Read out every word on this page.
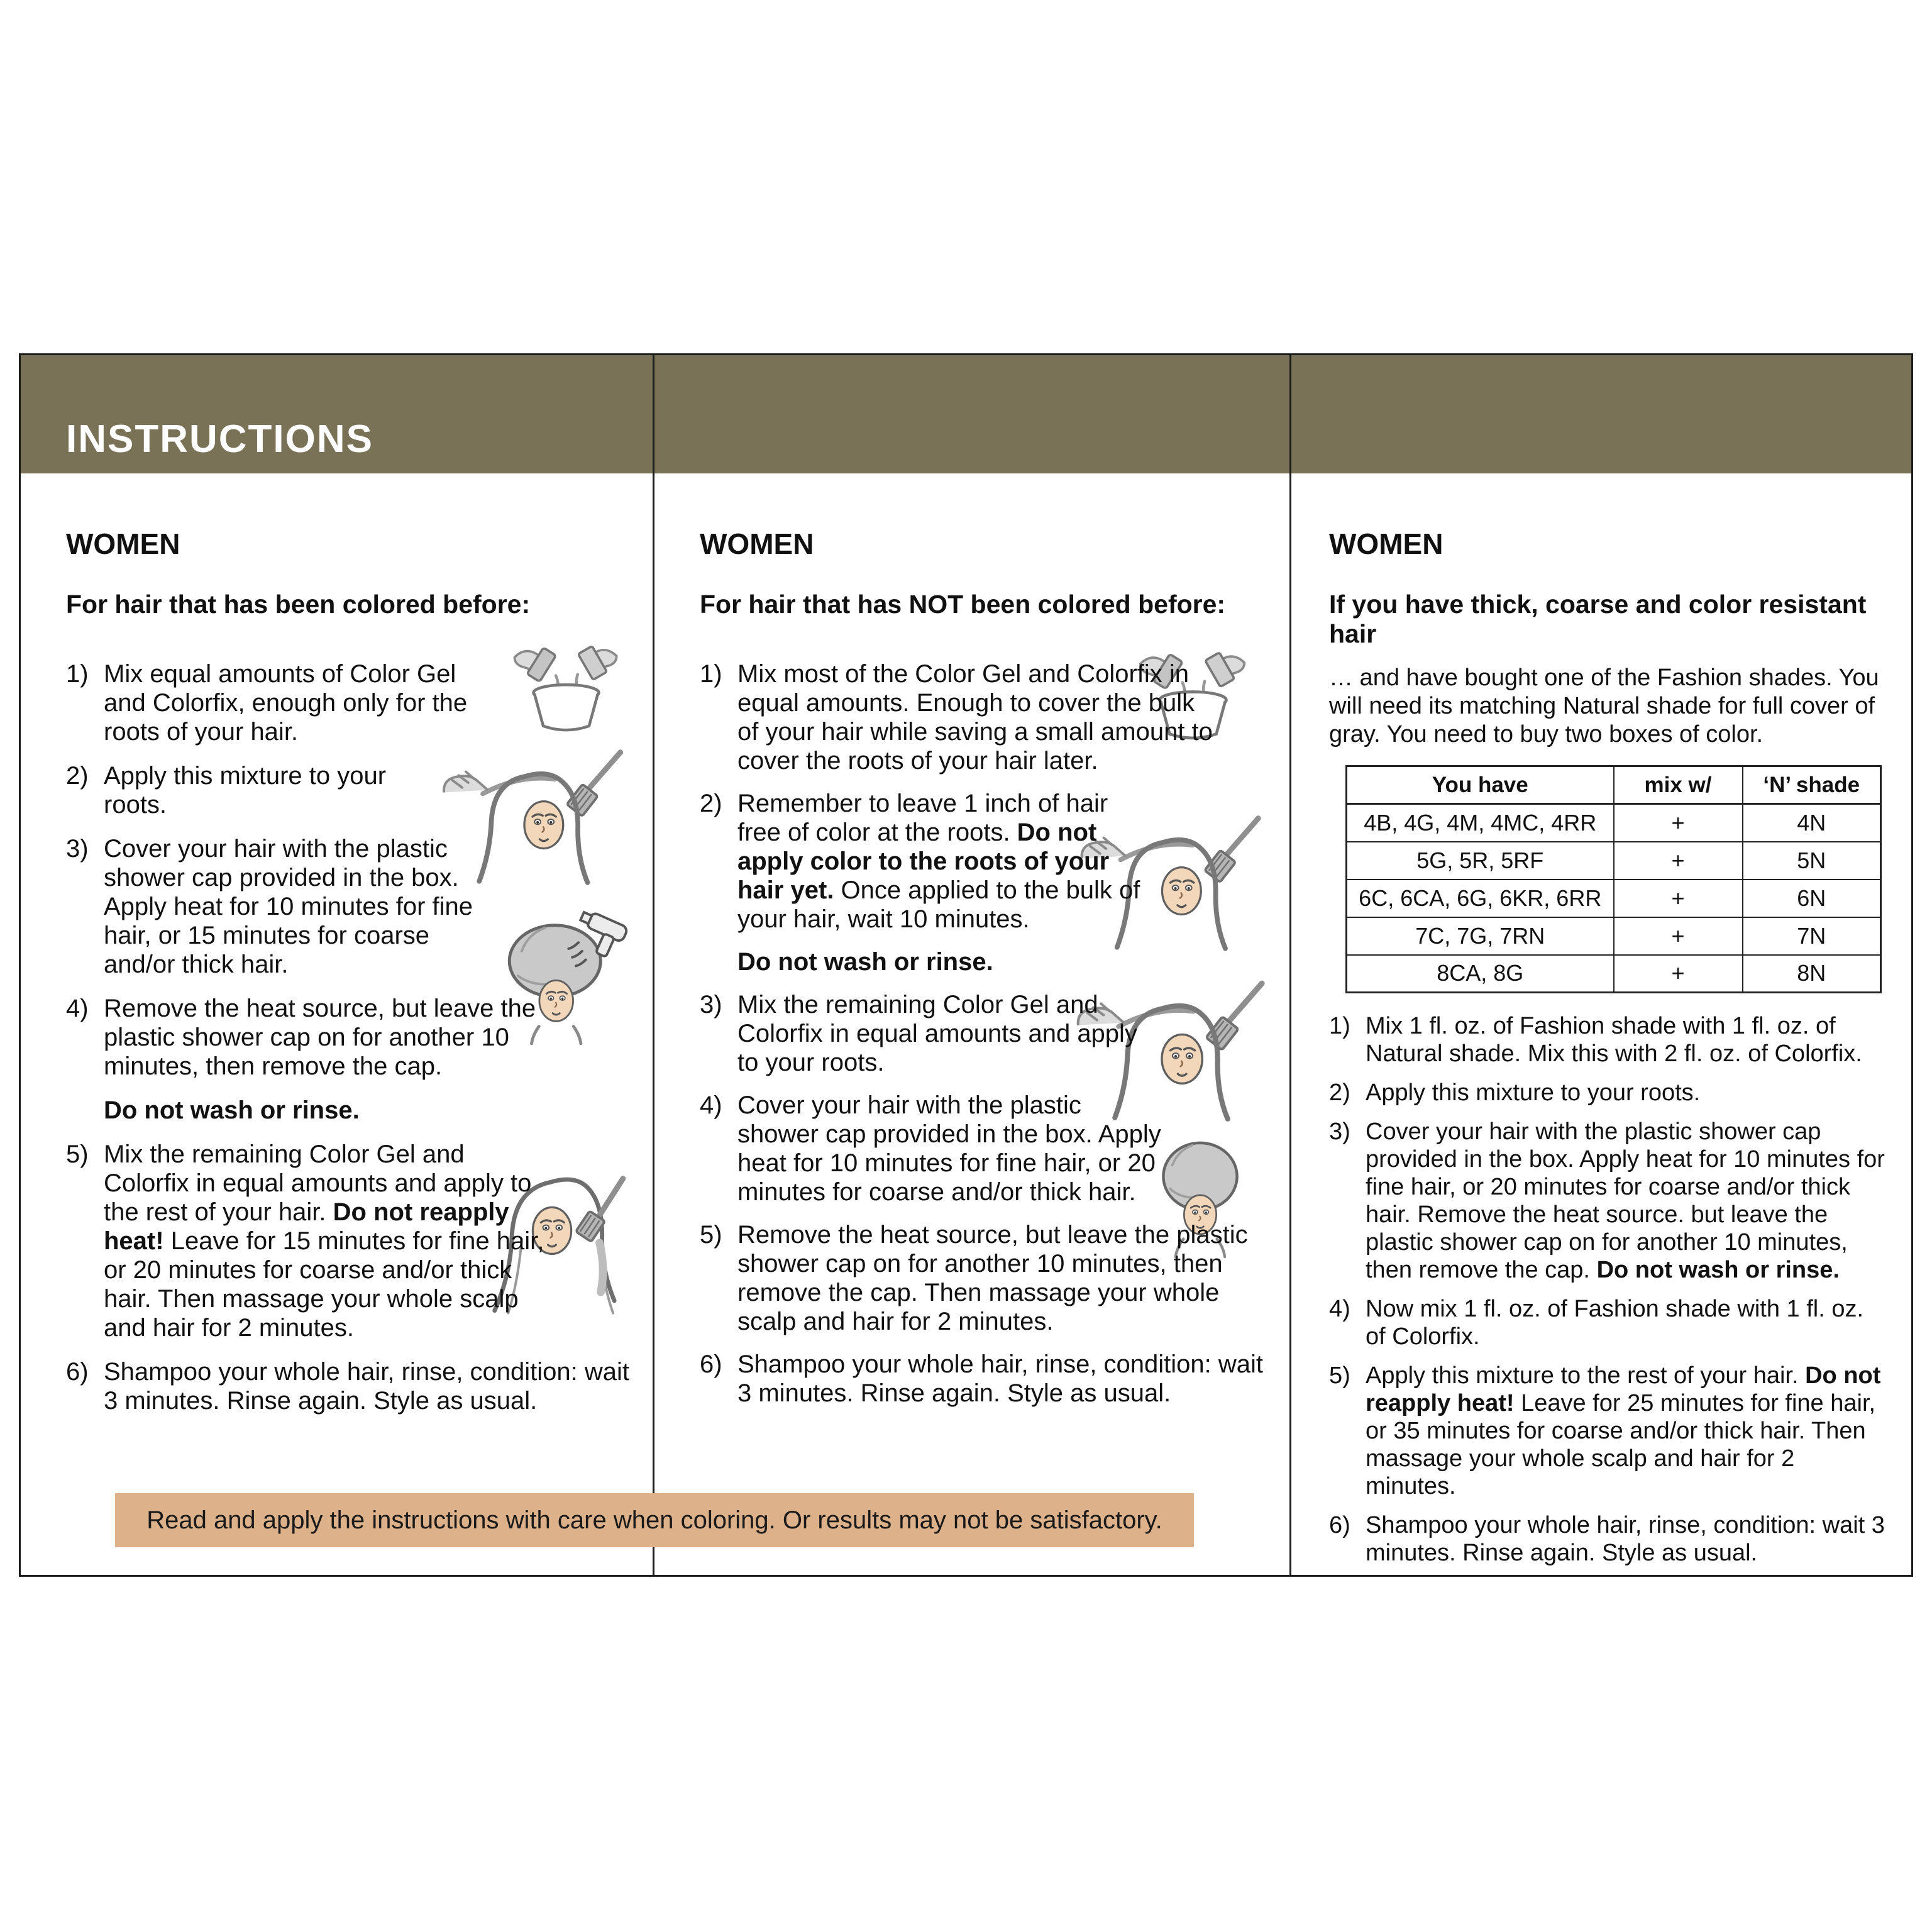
INSTRUCTIONS
WOMEN
For hair that has been colored before:
1) Mix equal amounts of Color Gel and Colorfix, enough only for the roots of your hair.
2) Apply this mixture to your roots.
3) Cover your hair with the plastic shower cap provided in the box. Apply heat for 10 minutes for fine hair, or 15 minutes for coarse and/or thick hair.
4) Remove the heat source, but leave the plastic shower cap on for another 10 minutes, then remove the cap.
Do not wash or rinse.
5) Mix the remaining Color Gel and Colorfix in equal amounts and apply to the rest of your hair. Do not reapply heat! Leave for 15 minutes for fine hair, or 20 minutes for coarse and/or thick hair. Then massage your whole scalp and hair for 2 minutes.
6) Shampoo your whole hair, rinse, condition: wait 3 minutes. Rinse again. Style as usual.
WOMEN
For hair that has NOT been colored before:
1) Mix most of the Color Gel and Colorfix in equal amounts. Enough to cover the bulk of your hair while saving a small amount to cover the roots of your hair later.
2) Remember to leave 1 inch of hair free of color at the roots. Do not apply color to the roots of your hair yet. Once applied to the bulk of your hair, wait 10 minutes.
Do not wash or rinse.
3) Mix the remaining Color Gel and Colorfix in equal amounts and apply to your roots.
4) Cover your hair with the plastic shower cap provided in the box. Apply heat for 10 minutes for fine hair, or 20 minutes for coarse and/or thick hair.
5) Remove the heat source, but leave the plastic shower cap on for another 10 minutes, then remove the cap. Then massage your whole scalp and hair for 2 minutes.
6) Shampoo your whole hair, rinse, condition: wait 3 minutes. Rinse again. Style as usual.
WOMEN
If you have thick, coarse and color resistant hair

… and have bought one of the Fashion shades. You will need its matching Natural shade for full cover of gray. You need to buy two boxes of color.

You have	mix w/	‘N’ shade
4B, 4G, 4M, 4MC, 4RR	+	4N
5G, 5R, 5RF	+	5N
6C, 6CA, 6G, 6KR, 6RR	+	6N
7C, 7G, 7RN	+	7N
8CA, 8G	+	8N
1) Mix 1 fl. oz. of Fashion shade with 1 fl. oz. of Natural shade. Mix this with 2 fl. oz. of Colorfix.
2) Apply this mixture to your roots.
3) Cover your hair with the plastic shower cap provided in the box. Apply heat for 10 minutes for fine hair, or 20 minutes for coarse and/or thick hair. Remove the heat source. but leave the plastic shower cap on for another 10 minutes, then remove the cap. Do not wash or rinse.
4) Now mix 1 fl. oz. of Fashion shade with 1 fl. oz. of Colorfix.
5) Apply this mixture to the rest of your hair. Do not reapply heat! Leave for 25 minutes for fine hair, or 35 minutes for coarse and/or thick hair. Then massage your whole scalp and hair for 2 minutes.
6) Shampoo your whole hair, rinse, condition: wait 3 minutes. Rinse again. Style as usual.
Read and apply the instructions with care when coloring. Or results may not be satisfactory.
